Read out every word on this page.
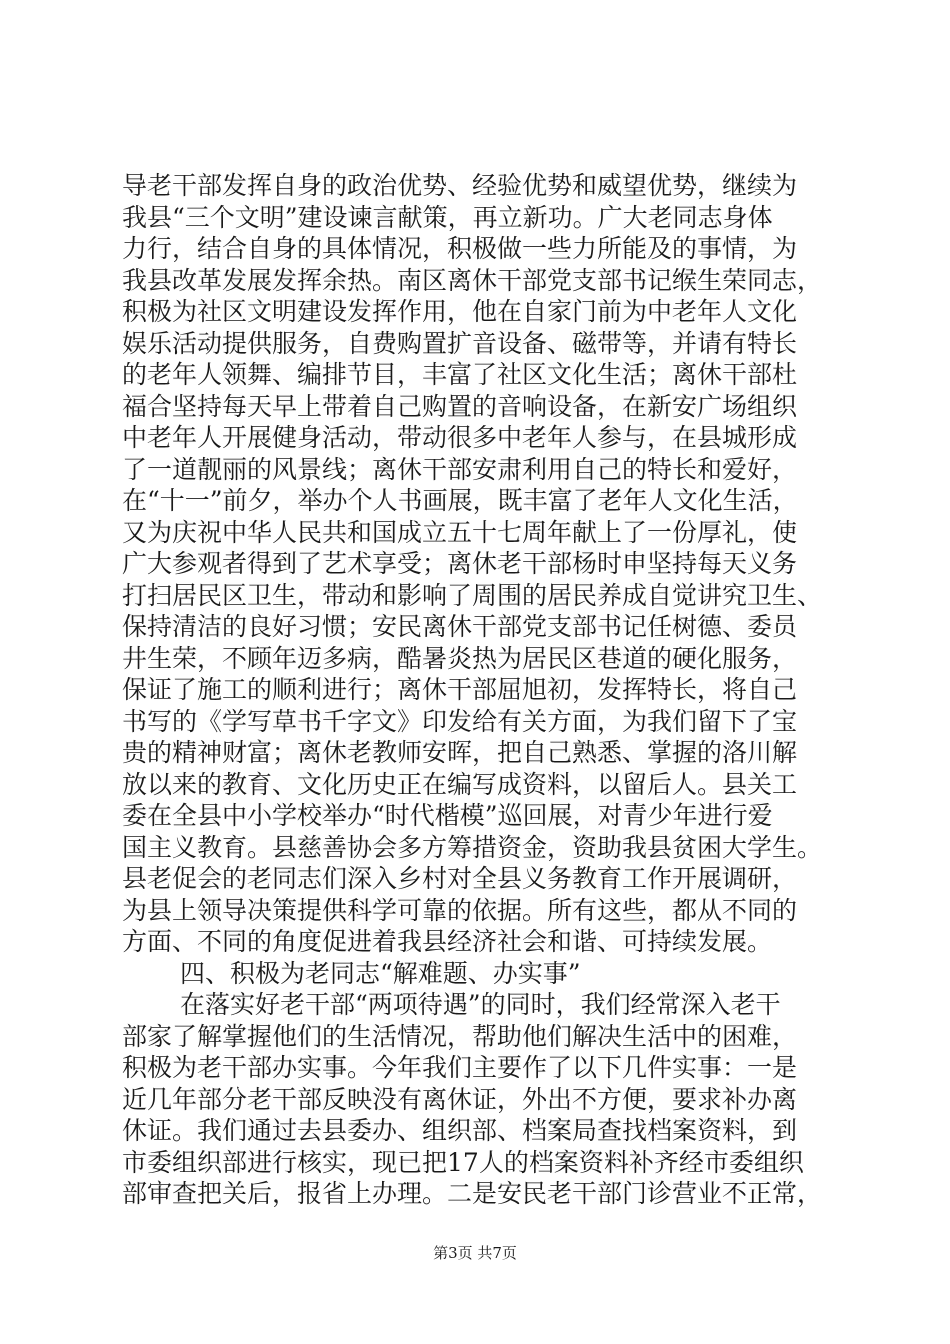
导老干部发挥自身的政治优势、经验优势和威望优势，继续为
我县“三个文明”建设谏言献策，再立新功。广大老同志身体
力行，结合自身的具体情况，积极做一些力所能及的事情，为
我县改革发展发挥余热。南区离休干部党支部书记缑生荣同志，
积极为社区文明建设发挥作用，他在自家门前为中老年人文化
娱乐活动提供服务，自费购置扩音设备、磁带等，并请有特长
的老年人领舞、编排节目，丰富了社区文化生活；离休干部杜
福合坚持每天早上带着自己购置的音响设备，在新安广场组织
中老年人开展健身活动，带动很多中老年人参与，在县城形成
了一道靓丽的风景线；离休干部安肃利用自己的特长和爱好，
在“十一”前夕，举办个人书画展，既丰富了老年人文化生活，
又为庆祝中华人民共和国成立五十七周年献上了一份厚礼，使
广大参观者得到了艺术享受；离休老干部杨时申坚持每天义务
打扫居民区卫生，带动和影响了周围的居民养成自觉讲究卫生、
保持清洁的良好习惯；安民离休干部党支部书记任树德、委员
井生荣，不顾年迈多病，酷暑炎热为居民区巷道的硬化服务，
保证了施工的顺利进行；离休干部屈旭初，发挥特长，将自己
书写的《学写草书千字文》印发给有关方面，为我们留下了宝
贵的精神财富；离休老教师安晖，把自己熟悉、掌握的洛川解
放以来的教育、文化历史正在编写成资料，以留后人。县关工
委在全县中小学校举办“时代楷模”巡回展，对青少年进行爱
国主义教育。县慈善协会多方筹措资金，资助我县贫困大学生。
县老促会的老同志们深入乡村对全县义务教育工作开展调研，
为县上领导决策提供科学可靠的依据。所有这些，都从不同的
方面、不同的角度促进着我县经济社会和谐、可持续发展。
四、积极为老同志“解难题、办实事”
在落实好老干部“两项待遇”的同时，我们经常深入老干
部家了解掌握他们的生活情况，帮助他们解决生活中的困难，
积极为老干部办实事。今年我们主要作了以下几件实事：一是
近几年部分老干部反映没有离休证，外出不方便，要求补办离
休证。我们通过去县委办、组织部、档案局查找档案资料，到
市委组织部进行核实，现已把17人的档案资料补齐经市委组织
部审查把关后，报省上办理。二是安民老干部门诊营业不正常，
第3页 共7页
